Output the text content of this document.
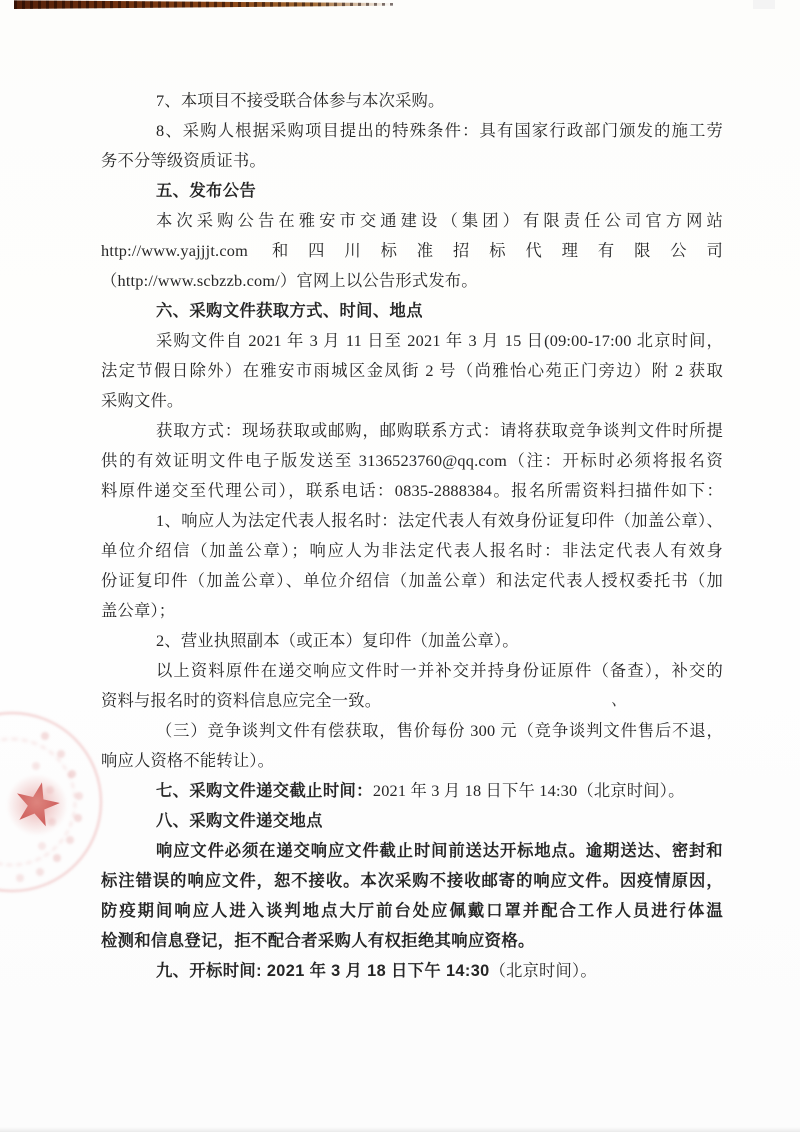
7、本项目不接受联合体参与本次采购。
8、采购人根据采购项目提出的特殊条件：具有国家行政部门颁发的施工劳
务不分等级资质证书。
五、发布公告
本次采购公告在雅安市交通建设（集团）有限责任公司官方网站
http://www.yajjjt.com 和四川标准招标代理有限公司
（http://www.scbzzb.com/）官网上以公告形式发布。
六、采购文件获取方式、时间、地点
采购文件自 2021 年 3 月 11 日至 2021 年 3 月 15 日(09:00-17:00 北京时间，
法定节假日除外）在雅安市雨城区金凤街 2 号（尚雅怡心苑正门旁边）附 2 获取
采购文件。
获取方式：现场获取或邮购，邮购联系方式：请将获取竞争谈判文件时所提
供的有效证明文件电子版发送至 3136523760@qq.com（注：开标时必须将报名资
料原件递交至代理公司），联系电话：0835-2888384。报名所需资料扫描件如下：
1、响应人为法定代表人报名时：法定代表人有效身份证复印件（加盖公章）、
单位介绍信（加盖公章）；响应人为非法定代表人报名时：非法定代表人有效身
份证复印件（加盖公章）、单位介绍信（加盖公章）和法定代表人授权委托书（加
盖公章）；
2、营业执照副本（或正本）复印件（加盖公章）。
以上资料原件在递交响应文件时一并补交并持身份证原件（备查），补交的
资料与报名时的资料信息应完全一致。
（三）竞争谈判文件有偿获取，售价每份 300 元（竞争谈判文件售后不退，
响应人资格不能转让）。
七、采购文件递交截止时间：2021 年 3 月 18 日下午 14:30（北京时间）。
八、采购文件递交地点
响应文件必须在递交响应文件截止时间前送达开标地点。逾期送达、密封和
标注错误的响应文件，恕不接收。本次采购不接收邮寄的响应文件。因疫情原因，
防疫期间响应人进入谈判地点大厅前台处应佩戴口罩并配合工作人员进行体温
检测和信息登记，拒不配合者采购人有权拒绝其响应资格。
九、开标时间: 2021 年 3 月 18 日下午 14:30（北京时间）。
、
